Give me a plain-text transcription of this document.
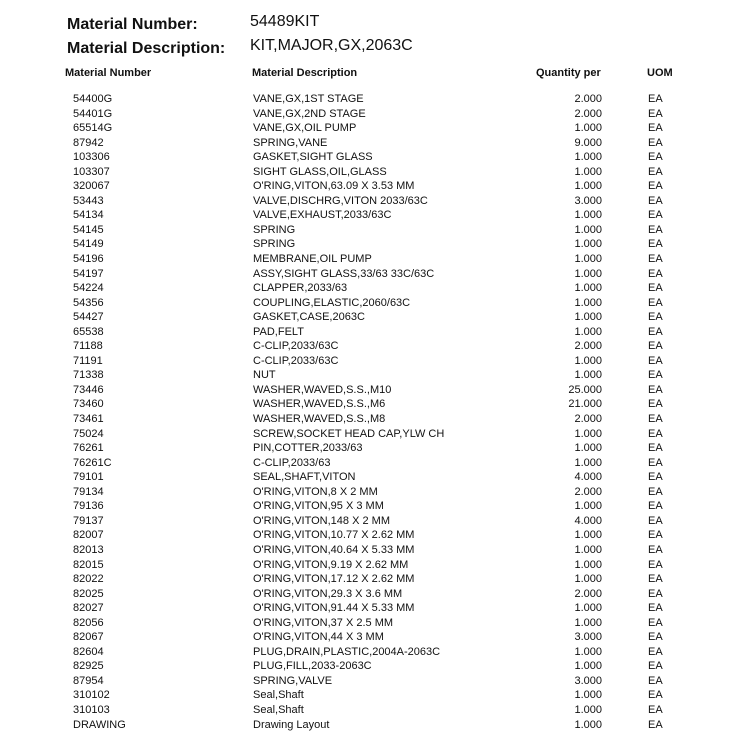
Material Number:	54489KIT
Material Description: KIT,MAJOR,GX,2063C
Material Number	Material Description	Quantity per	UOM
54400G	VANE,GX,1ST STAGE	2.000	EA
54401G	VANE,GX,2ND STAGE	2.000	EA
65514G	VANE,GX,OIL PUMP	1.000	EA
87942	SPRING,VANE	9.000	EA
103306	GASKET,SIGHT GLASS	1.000	EA
103307	SIGHT GLASS,OIL,GLASS	1.000	EA
320067	O'RING,VITON,63.09 X 3.53 MM	1.000	EA
53443	VALVE,DISCHRG,VITON 2033/63C	3.000	EA
54134	VALVE,EXHAUST,2033/63C	1.000	EA
54145	SPRING	1.000	EA
54149	SPRING	1.000	EA
54196	MEMBRANE,OIL PUMP	1.000	EA
54197	ASSY,SIGHT GLASS,33/63 33C/63C	1.000	EA
54224	CLAPPER,2033/63	1.000	EA
54356	COUPLING,ELASTIC,2060/63C	1.000	EA
54427	GASKET,CASE,2063C	1.000	EA
65538	PAD,FELT	1.000	EA
71188	C-CLIP,2033/63C	2.000	EA
71191	C-CLIP,2033/63C	1.000	EA
71338	NUT	1.000	EA
73446	WASHER,WAVED,S.S.,M10	25.000	EA
73460	WASHER,WAVED,S.S.,M6	21.000	EA
73461	WASHER,WAVED,S.S.,M8	2.000	EA
75024	SCREW,SOCKET HEAD CAP,YLW CH	1.000	EA
76261	PIN,COTTER,2033/63	1.000	EA
76261C	C-CLIP,2033/63	1.000	EA
79101	SEAL,SHAFT,VITON	4.000	EA
79134	O'RING,VITON,8 X 2 MM	2.000	EA
79136	O'RING,VITON,95 X 3 MM	1.000	EA
79137	O'RING,VITON,148 X 2 MM	4.000	EA
82007	O'RING,VITON,10.77 X 2.62 MM	1.000	EA
82013	O'RING,VITON,40.64 X 5.33 MM	1.000	EA
82015	O'RING,VITON,9.19 X 2.62 MM	1.000	EA
82022	O'RING,VITON,17.12 X 2.62 MM	1.000	EA
82025	O'RING,VITON,29.3 X 3.6 MM	2.000	EA
82027	O'RING,VITON,91.44 X 5.33 MM	1.000	EA
82056	O'RING,VITON,37 X 2.5 MM	1.000	EA
82067	O'RING,VITON,44 X 3 MM	3.000	EA
82604	PLUG,DRAIN,PLASTIC,2004A-2063C	1.000	EA
82925	PLUG,FILL,2033-2063C	1.000	EA
87954	SPRING,VALVE	3.000	EA
310102	Seal,Shaft	1.000	EA
310103	Seal,Shaft	1.000	EA
DRAWING	Drawing Layout	1.000	EA
